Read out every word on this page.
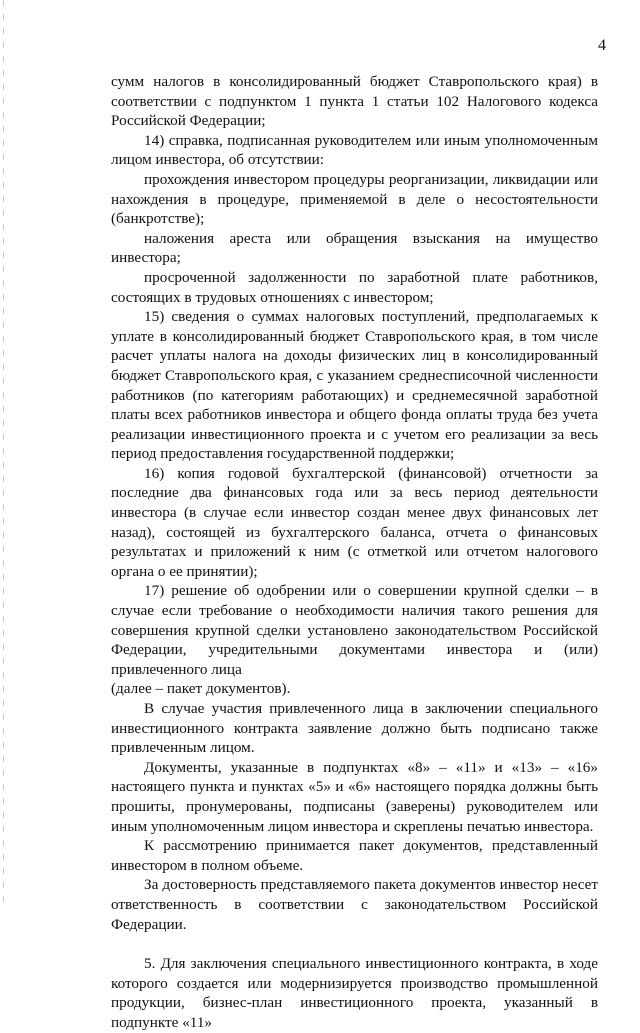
4

сумм налогов в консолидированный бюджет Ставропольского края) в соответствии с подпунктом 1 пункта 1 статьи 102 Налогового кодекса Российской Федерации;

14) справка, подписанная руководителем или иным уполномоченным лицом инвестора, об отсутствии:

прохождения инвестором процедуры реорганизации, ликвидации или нахождения в процедуре, применяемой в деле о несостоятельности (банкротстве);

наложения ареста или обращения взыскания на имущество инвестора;

просроченной задолженности по заработной плате работников, состоящих в трудовых отношениях с инвестором;

15) сведения о суммах налоговых поступлений, предполагаемых к уплате в консолидированный бюджет Ставропольского края, в том числе расчет уплаты налога на доходы физических лиц в консолидированный бюджет Ставропольского края, с указанием среднесписочной численности работников (по категориям работающих) и среднемесячной заработной платы всех работников инвестора и общего фонда оплаты труда без учета реализации инвестиционного проекта и с учетом его реализации за весь период предоставления государственной поддержки;

16) копия годовой бухгалтерской (финансовой) отчетности за последние два финансовых года или за весь период деятельности инвестора (в случае если инвестор создан менее двух финансовых лет назад), состоящей из бухгалтерского баланса, отчета о финансовых результатах и приложений к ним (с отметкой или отчетом налогового органа о ее принятии);

17) решение об одобрении или о совершении крупной сделки – в случае если требование о необходимости наличия такого решения для совершения крупной сделки установлено законодательством Российской Федерации, учредительными документами инвестора и (или) привлеченного лица

(далее – пакет документов).

В случае участия привлеченного лица в заключении специального инвестиционного контракта заявление должно быть подписано также привлеченным лицом.

Документы, указанные в подпунктах «8» – «11» и «13» – «16» настоящего пункта и пунктах «5» и «6» настоящего порядка должны быть прошиты, пронумерованы, подписаны (заверены) руководителем или иным уполномоченным лицом инвестора и скреплены печатью инвестора.

К рассмотрению принимается пакет документов, представленный инвестором в полном объеме.

За достоверность представляемого пакета документов инвестор несет ответственность в соответствии с законодательством Российской Федерации.

5. Для заключения специального инвестиционного контракта, в ходе которого создается или модернизируется производство промышленной продукции, бизнес-план инвестиционного проекта, указанный в подпункте «11»
